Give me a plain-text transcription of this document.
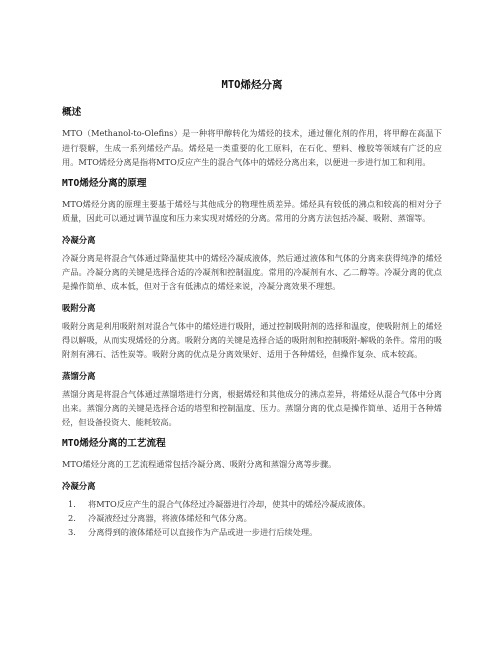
MTO烯烃分离
概述

MTO（Methanol-to-Olefins）是一种将甲醇转化为烯烃的技术，通过催化剂的作用，将甲醇在高温下进行裂解，生成一系列烯烃产品。烯烃是一类重要的化工原料，在石化、塑料、橡胶等领域有广泛的应用。MTO烯烃分离是指将MTO反应产生的混合气体中的烯烃分离出来，以便进一步进行加工和利用。

MTO烯烃分离的原理

MTO烯烃分离的原理主要基于烯烃与其他成分的物理性质差异。烯烃具有较低的沸点和较高的相对分子质量，因此可以通过调节温度和压力来实现对烯烃的分离。常用的分离方法包括冷凝、吸附、蒸馏等。

冷凝分离

冷凝分离是将混合气体通过降温使其中的烯烃冷凝成液体，然后通过液体和气体的分离来获得纯净的烯烃产品。冷凝分离的关键是选择合适的冷凝剂和控制温度。常用的冷凝剂有水、乙二醇等。冷凝分离的优点是操作简单、成本低，但对于含有低沸点的烯烃来说，冷凝分离效果不理想。

吸附分离

吸附分离是利用吸附剂对混合气体中的烯烃进行吸附，通过控制吸附剂的选择和温度，使吸附剂上的烯烃得以解吸，从而实现烯烃的分离。吸附分离的关键是选择合适的吸附剂和控制吸附-解吸的条件。常用的吸附剂有沸石、活性炭等。吸附分离的优点是分离效果好、适用于各种烯烃，但操作复杂、成本较高。

蒸馏分离

蒸馏分离是将混合气体通过蒸馏塔进行分离，根据烯烃和其他成分的沸点差异，将烯烃从混合气体中分离出来。蒸馏分离的关键是选择合适的塔型和控制温度、压力。蒸馏分离的优点是操作简单、适用于各种烯烃，但设备投资大、能耗较高。

MTO烯烃分离的工艺流程

MTO烯烃分离的工艺流程通常包括冷凝分离、吸附分离和蒸馏分离等步骤。

冷凝分离
1.	将MTO反应产生的混合气体经过冷凝器进行冷却，使其中的烯烃冷凝成液体。
2.	冷凝液经过分离器，将液体烯烃和气体分离。
3.	分离得到的液体烯烃可以直接作为产品或进一步进行后续处理。
